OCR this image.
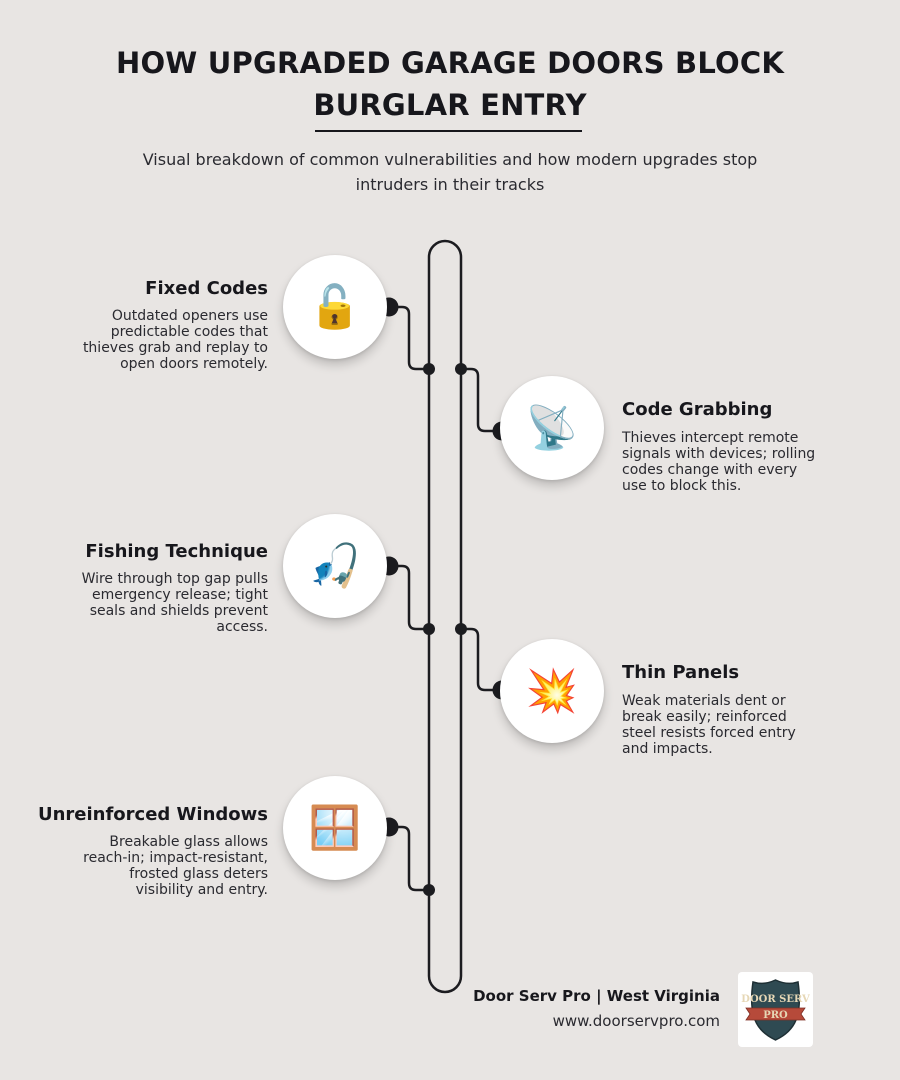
HOW UPGRADED GARAGE DOORS BLOCK
BURGLAR ENTRY
Visual breakdown of common vulnerabilities and how modern upgrades stop
intruders in their tracks
🔓
Fixed Codes
Outdated openers use
predictable codes that
thieves grab and replay to
open doors remotely.
📡	Code Grabbing
Thieves intercept remote
signals with devices; rolling
codes change with every
use to block this.
🎣
Fishing Technique
Wire through top gap pulls
emergency release; tight
seals and shields prevent
access.
💥	Thin Panels
Weak materials dent or
break easily; reinforced
steel resists forced entry
and impacts.
🪟
Unreinforced Windows
Breakable glass allows
reach-in; impact-resistant,
frosted glass deters
visibility and entry.
Door Serv Pro | West Virginia
www.doorservpro.com
DOOR SERV
PRO
